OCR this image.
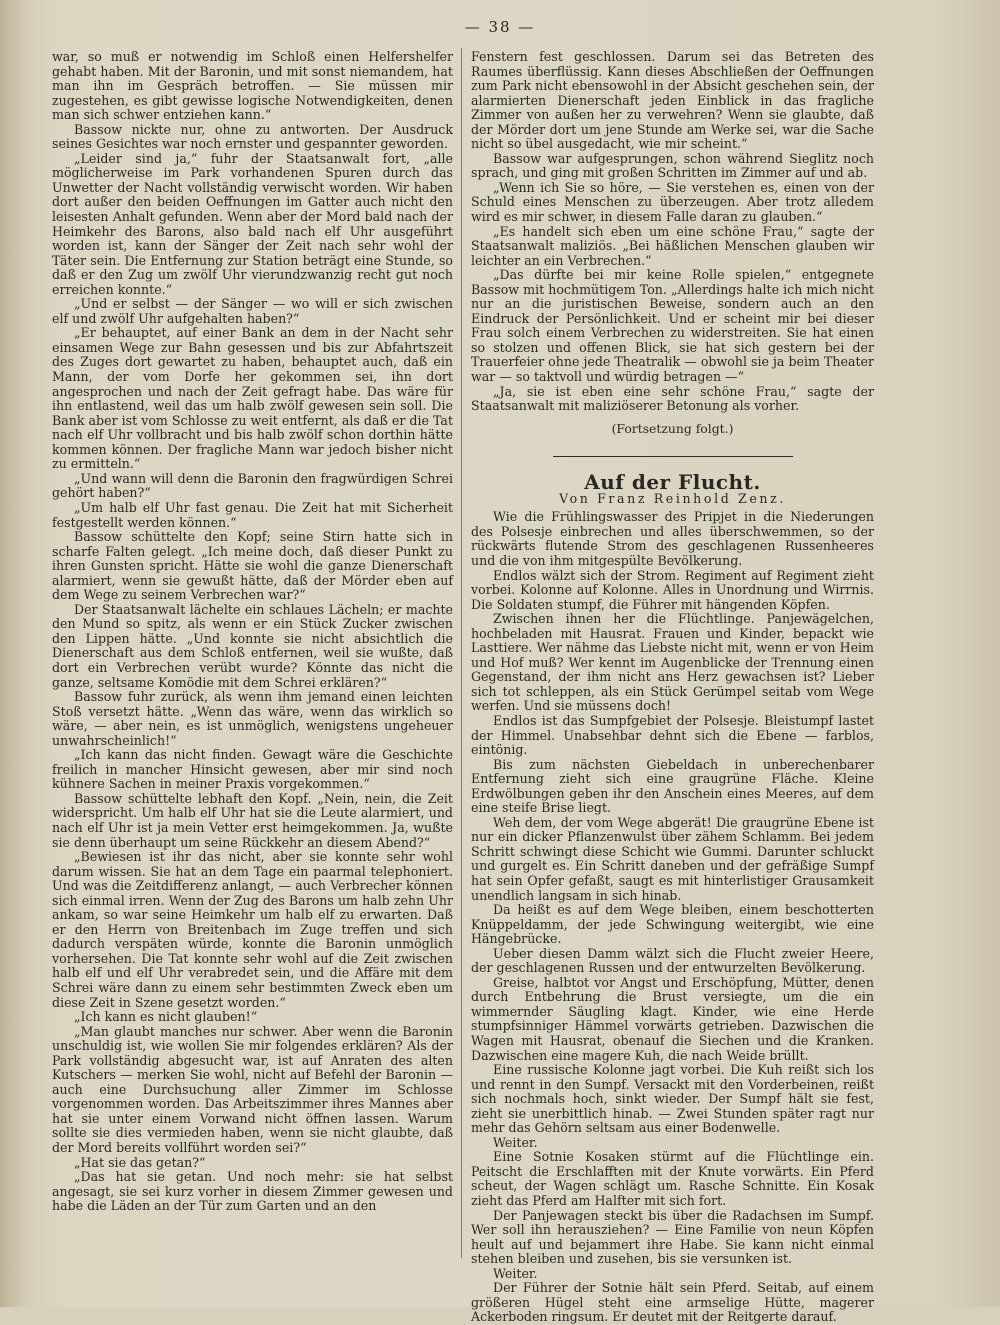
— 38 —

war, so muß er notwendig im Schloß einen Helfershelfer gehabt haben. Mit der Baronin, und mit sonst niemandem, hat man ihn im Gespräch betroffen. — Sie müssen mir zugestehen, es gibt gewisse logische Notwendigkeiten, denen man sich schwer entziehen kann.“

Bassow nickte nur, ohne zu antworten. Der Ausdruck seines Gesichtes war noch ernster und gespannter geworden.

„Leider sind ja,“ fuhr der Staatsanwalt fort, „alle möglicherweise im Park vorhandenen Spuren durch das Unwetter der Nacht vollständig verwischt worden. Wir haben dort außer den beiden Oeffnungen im Gatter auch nicht den leisesten Anhalt gefunden. Wenn aber der Mord bald nach der Heimkehr des Barons, also bald nach elf Uhr ausgeführt worden ist, kann der Sänger der Zeit nach sehr wohl der Täter sein. Die Entfernung zur Station beträgt eine Stunde, so daß er den Zug um zwölf Uhr vierundzwanzig recht gut noch erreichen konnte.“

„Und er selbst — der Sänger — wo will er sich zwischen elf und zwölf Uhr aufgehalten haben?“

„Er behauptet, auf einer Bank an dem in der Nacht sehr einsamen Wege zur Bahn gesessen und bis zur Abfahrtszeit des Zuges dort gewartet zu haben, behauptet auch, daß ein Mann, der vom Dorfe her gekommen sei, ihn dort angesprochen und nach der Zeit gefragt habe. Das wäre für ihn entlastend, weil das um halb zwölf gewesen sein soll. Die Bank aber ist vom Schlosse zu weit entfernt, als daß er die Tat nach elf Uhr vollbracht und bis halb zwölf schon dorthin hätte kommen können. Der fragliche Mann war jedoch bisher nicht zu ermitteln.“

„Und wann will denn die Baronin den fragwürdigen Schrei gehört haben?“

„Um halb elf Uhr fast genau. Die Zeit hat mit Sicherheit festgestellt werden können.“

Bassow schüttelte den Kopf; seine Stirn hatte sich in scharfe Falten gelegt. „Ich meine doch, daß dieser Punkt zu ihren Gunsten spricht. Hätte sie wohl die ganze Dienerschaft alarmiert, wenn sie gewußt hätte, daß der Mörder eben auf dem Wege zu seinem Verbrechen war?“

Der Staatsanwalt lächelte ein schlaues Lächeln; er machte den Mund so spitz, als wenn er ein Stück Zucker zwischen den Lippen hätte. „Und konnte sie nicht absichtlich die Dienerschaft aus dem Schloß entfernen, weil sie wußte, daß dort ein Verbrechen verübt wurde? Könnte das nicht die ganze, seltsame Komödie mit dem Schrei erklären?“

Bassow fuhr zurück, als wenn ihm jemand einen leichten Stoß versetzt hätte. „Wenn das wäre, wenn das wirklich so wäre, — aber nein, es ist unmöglich, wenigstens ungeheuer unwahrscheinlich!“

„Ich kann das nicht finden. Gewagt wäre die Geschichte freilich in mancher Hinsicht gewesen, aber mir sind noch kühnere Sachen in meiner Praxis vorgekommen.“

Bassow schüttelte lebhaft den Kopf. „Nein, nein, die Zeit widerspricht. Um halb elf Uhr hat sie die Leute alarmiert, und nach elf Uhr ist ja mein Vetter erst heimgekommen. Ja, wußte sie denn überhaupt um seine Rückkehr an diesem Abend?“

„Bewiesen ist ihr das nicht, aber sie konnte sehr wohl darum wissen. Sie hat an dem Tage ein paarmal telephoniert. Und was die Zeitdifferenz anlangt, — auch Verbrecher können sich einmal irren. Wenn der Zug des Barons um halb zehn Uhr ankam, so war seine Heimkehr um halb elf zu erwarten. Daß er den Herrn von Breitenbach im Zuge treffen und sich dadurch verspäten würde, konnte die Baronin unmöglich vorhersehen. Die Tat konnte sehr wohl auf die Zeit zwischen halb elf und elf Uhr verabredet sein, und die Affäre mit dem Schrei wäre dann zu einem sehr bestimmten Zweck eben um diese Zeit in Szene gesetzt worden.“

„Ich kann es nicht glauben!“

„Man glaubt manches nur schwer. Aber wenn die Baronin unschuldig ist, wie wollen Sie mir folgendes erklären? Als der Park vollständig abgesucht war, ist auf Anraten des alten Kutschers — merken Sie wohl, nicht auf Befehl der Baronin — auch eine Durchsuchung aller Zimmer im Schlosse vorgenommen worden. Das Arbeitszimmer ihres Mannes aber hat sie unter einem Vorwand nicht öffnen lassen. Warum sollte sie dies vermieden haben, wenn sie nicht glaubte, daß der Mord bereits vollführt worden sei?“

„Hat sie das getan?“

„Das hat sie getan. Und noch mehr: sie hat selbst angesagt, sie sei kurz vorher in diesem Zimmer gewesen und habe die Läden an der Tür zum Garten und an den

Fenstern fest geschlossen. Darum sei das Betreten des Raumes überflüssig. Kann dieses Abschließen der Oeffnungen zum Park nicht ebensowohl in der Absicht geschehen sein, der alarmierten Dienerschaft jeden Einblick in das fragliche Zimmer von außen her zu verwehren? Wenn sie glaubte, daß der Mörder dort um jene Stunde am Werke sei, war die Sache nicht so übel ausgedacht, wie mir scheint.“

Bassow war aufgesprungen, schon während Sieglitz noch sprach, und ging mit großen Schritten im Zimmer auf und ab.

„Wenn ich Sie so höre, — Sie verstehen es, einen von der Schuld eines Menschen zu überzeugen. Aber trotz alledem wird es mir schwer, in diesem Falle daran zu glauben.“

„Es handelt sich eben um eine schöne Frau,“ sagte der Staatsanwalt maliziös. „Bei häßlichen Menschen glauben wir leichter an ein Verbrechen.“

„Das dürfte bei mir keine Rolle spielen,“ entgegnete Bassow mit hochmütigem Ton. „Allerdings halte ich mich nicht nur an die juristischen Beweise, sondern auch an den Eindruck der Persönlichkeit. Und er scheint mir bei dieser Frau solch einem Verbrechen zu widerstreiten. Sie hat einen so stolzen und offenen Blick, sie hat sich gestern bei der Trauerfeier ohne jede Theatralik — obwohl sie ja beim Theater war — so taktvoll und würdig betragen —“

„Ja, sie ist eben eine sehr schöne Frau,“ sagte der Staatsanwalt mit maliziöserer Betonung als vorher.

(Fortsetzung folgt.)
Auf der Flucht.
Von Franz Reinhold Zenz.

Wie die Frühlingswasser des Pripjet in die Niederungen des Polsesje einbrechen und alles überschwemmen, so der rückwärts flutende Strom des geschlagenen Russenheeres und die von ihm mitgespülte Bevölkerung.

Endlos wälzt sich der Strom. Regiment auf Regiment zieht vorbei. Kolonne auf Kolonne. Alles in Unordnung und Wirrnis. Die Soldaten stumpf, die Führer mit hängenden Köpfen.

Zwischen ihnen her die Flüchtlinge. Panjewägelchen, hochbeladen mit Hausrat. Frauen und Kinder, bepackt wie Lasttiere. Wer nähme das Liebste nicht mit, wenn er von Heim und Hof muß? Wer kennt im Augenblicke der Trennung einen Gegenstand, der ihm nicht ans Herz gewachsen ist? Lieber sich tot schleppen, als ein Stück Gerümpel seitab vom Wege werfen. Und sie müssens doch!

Endlos ist das Sumpfgebiet der Polsesje. Bleistumpf lastet der Himmel. Unabsehbar dehnt sich die Ebene — farblos, eintönig.

Bis zum nächsten Giebeldach in unberechenbarer Entfernung zieht sich eine graugrüne Fläche. Kleine Erdwölbungen geben ihr den Anschein eines Meeres, auf dem eine steife Brise liegt.

Weh dem, der vom Wege abgerät! Die graugrüne Ebene ist nur ein dicker Pflanzenwulst über zähem Schlamm. Bei jedem Schritt schwingt diese Schicht wie Gummi. Darunter schluckt und gurgelt es. Ein Schritt daneben und der gefräßige Sumpf hat sein Opfer gefaßt, saugt es mit hinterlistiger Grausamkeit unendlich langsam in sich hinab.

Da heißt es auf dem Wege bleiben, einem beschotterten Knüppeldamm, der jede Schwingung weitergibt, wie eine Hängebrücke.

Ueber diesen Damm wälzt sich die Flucht zweier Heere, der geschlagenen Russen und der entwurzelten Bevölkerung.

Greise, halbtot vor Angst und Erschöpfung, Mütter, denen durch Entbehrung die Brust versiegte, um die ein wimmernder Säugling klagt. Kinder, wie eine Herde stumpfsinniger Hämmel vorwärts getrieben. Dazwischen die Wagen mit Hausrat, obenauf die Siechen und die Kranken. Dazwischen eine magere Kuh, die nach Weide brüllt.

Eine russische Kolonne jagt vorbei. Die Kuh reißt sich los und rennt in den Sumpf. Versackt mit den Vorderbeinen, reißt sich nochmals hoch, sinkt wieder. Der Sumpf hält sie fest, zieht sie unerbittlich hinab. — Zwei Stunden später ragt nur mehr das Gehörn seltsam aus einer Bodenwelle.

Weiter.

Eine Sotnie Kosaken stürmt auf die Flüchtlinge ein. Peitscht die Erschlafften mit der Knute vorwärts. Ein Pferd scheut, der Wagen schlägt um. Rasche Schnitte. Ein Kosak zieht das Pferd am Halfter mit sich fort.

Der Panjewagen steckt bis über die Radachsen im Sumpf. Wer soll ihn herausziehen? — Eine Familie von neun Köpfen heult auf und bejammert ihre Habe. Sie kann nicht einmal stehen bleiben und zusehen, bis sie versunken ist.

Weiter.

Der Führer der Sotnie hält sein Pferd. Seitab, auf einem größeren Hügel steht eine armselige Hütte, magerer Ackerboden ringsum. Er deutet mit der Reitgerte darauf.
